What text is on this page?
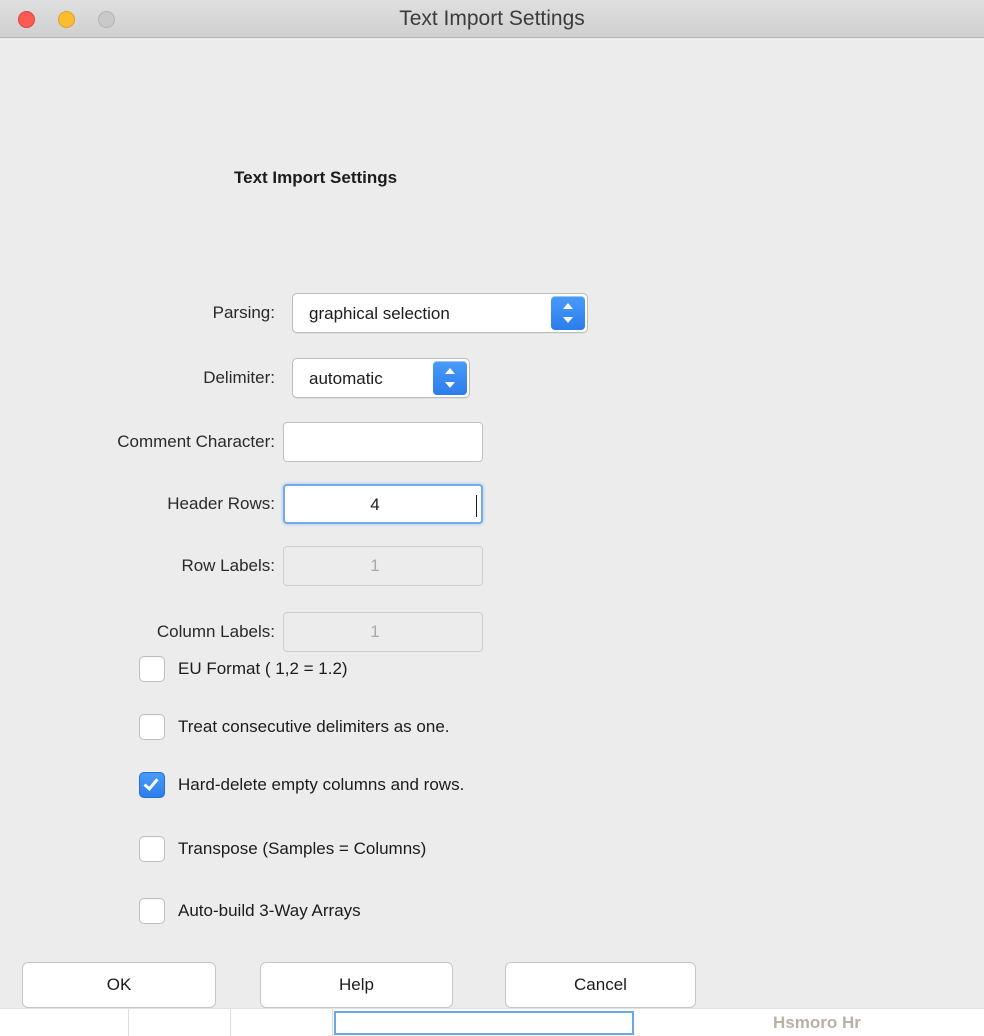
Text Import Settings
Text Import Settings
Parsing: graphical selection
Delimiter: automatic
Comment Character:
Header Rows:	4
Row Labels:	1
Column Labels:	1
EU Format ( 1,2 = 1.2)
Treat consecutive delimiters as one.
Hard-delete empty columns and rows.
Transpose (Samples = Columns)
Auto-build 3-Way Arrays
OK	Help	Cancel
Hsmoro Hr
